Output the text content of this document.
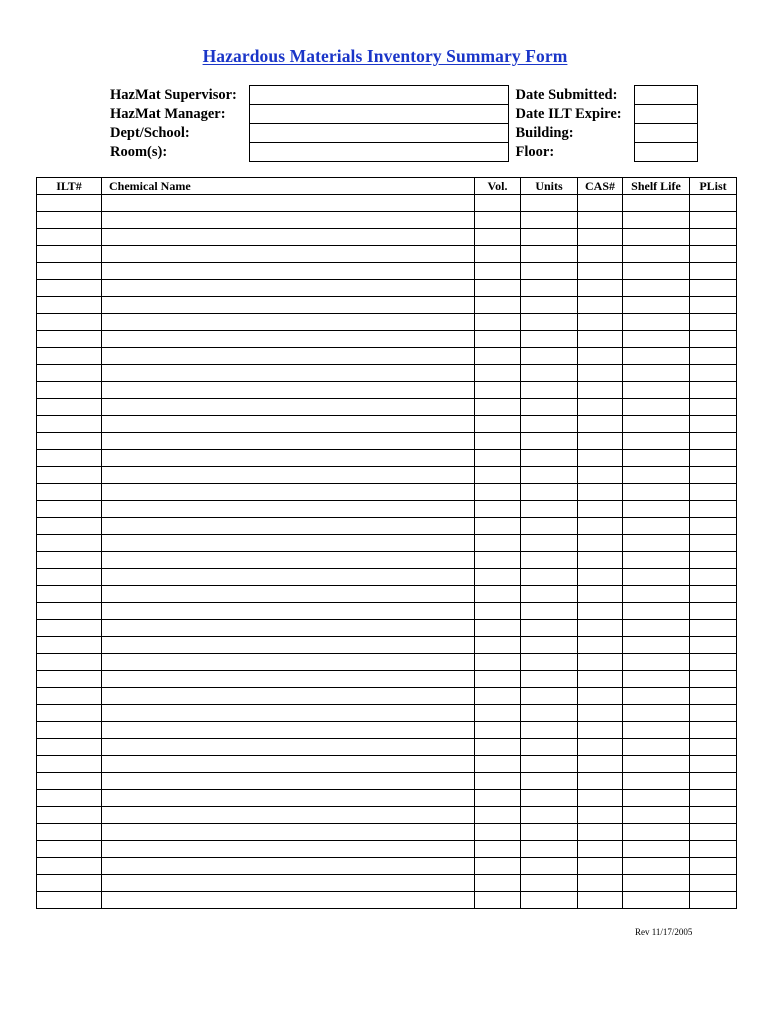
Hazardous Materials Inventory Summary Form
HazMat Supervisor:		Date Submitted:	
HazMat Manager:		Date ILT Expire:	
Dept/School:		Building:	
Room(s):		Floor:	
ILT#	Chemical Name	Vol.	Units	CAS#	Shelf Life	PList

Rev 11/17/2005
